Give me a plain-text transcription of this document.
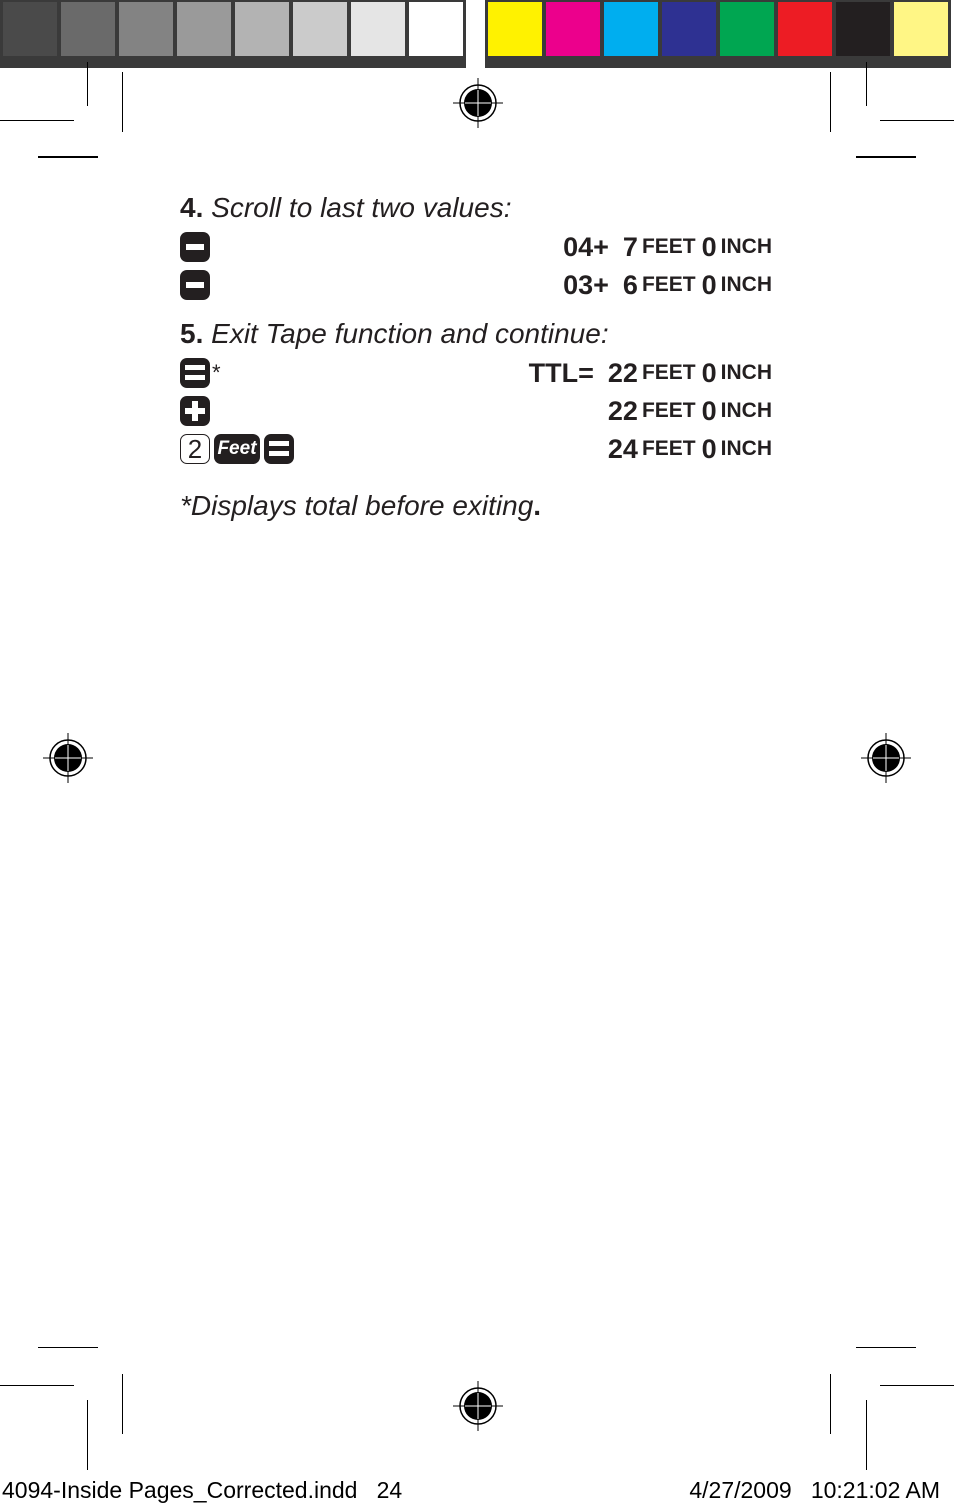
4. Scroll to last two values:

04+ 7 FEET 0 INCH
03+ 6 FEET 0 INCH

5. Exit Tape function and continue:

*	TTL= 22 FEET 0 INCH
22 FEET 0 INCH
2 Feet	24 FEET 0 INCH

*Displays total before exiting.

4094-Inside Pages_Corrected.indd   24	4/27/2009   10:21:02 AM
